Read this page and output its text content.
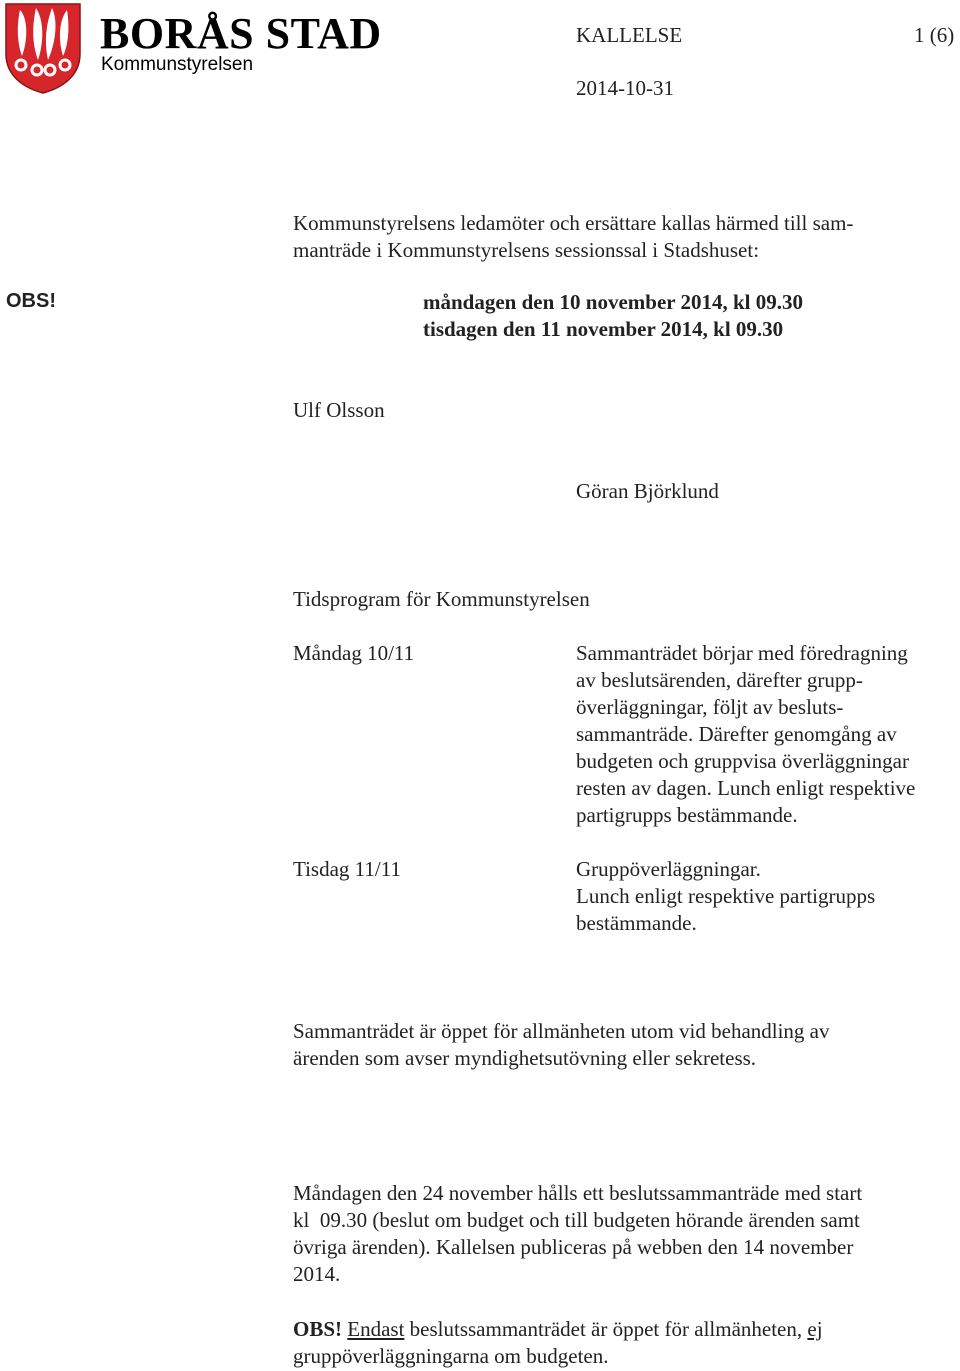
BORÅS STAD
Kommunstyrelsen
KALLELSE	1 (6)
2014-10-31
Kommunstyrelsens ledamöter och ersättare kallas härmed till sam-
manträde i Kommunstyrelsens sessionssal i Stadshuset:
OBS!	måndagen den 10 november 2014, kl 09.30
tisdagen den 11 november 2014, kl 09.30
Ulf Olsson
Göran Björklund
Tidsprogram för Kommunstyrelsen
Måndag 10/11	Sammanträdet börjar med föredragning
av beslutsärenden, därefter grupp-
överläggningar, följt av besluts-
sammanträde. Därefter genomgång av
budgeten och gruppvisa överläggningar
resten av dagen. Lunch enligt respektive
partigrupps bestämmande.
Tisdag 11/11	Gruppöverläggningar.
Lunch enligt respektive partigrupps
bestämmande.
Sammanträdet är öppet för allmänheten utom vid behandling av
ärenden som avser myndighetsutövning eller sekretess.
Måndagen den 24 november hålls ett beslutssammanträde med start
kl  09.30 (beslut om budget och till budgeten hörande ärenden samt
övriga ärenden). Kallelsen publiceras på webben den 14 november
2014.
OBS! Endast beslutssammanträdet är öppet för allmänheten, ej
gruppöverläggningarna om budgeten.
